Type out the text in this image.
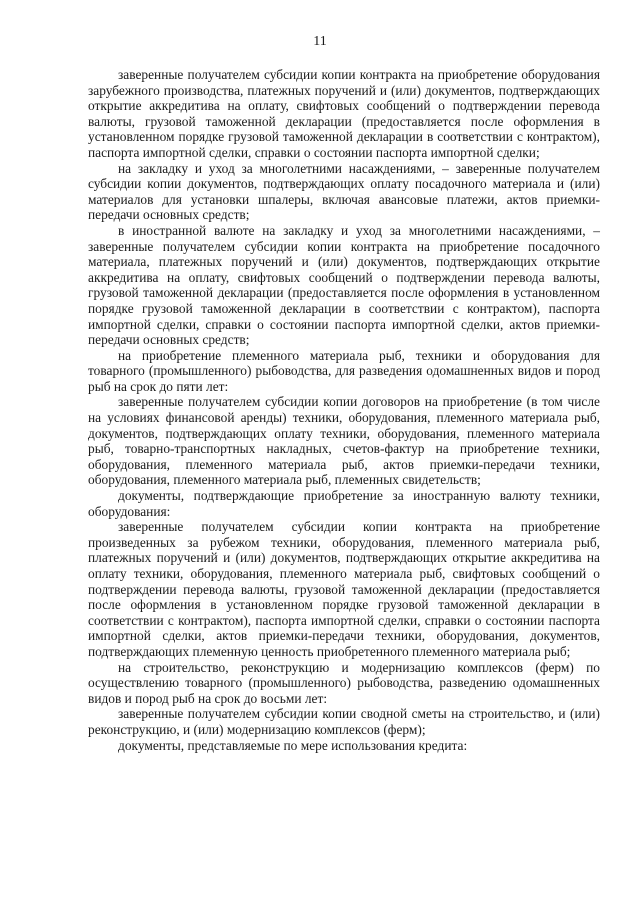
11

заверенные получателем субсидии копии контракта на приобретение оборудования зарубежного производства, платежных поручений и (или) документов, подтверждающих открытие аккредитива на оплату, свифтовых сообщений о подтверждении перевода валюты, грузовой таможенной декларации (предоставляется после оформления в установленном порядке грузовой таможенной декларации в соответствии с контрактом), паспорта импортной сделки, справки о состоянии паспорта импортной сделки;

на закладку и уход за многолетними насаждениями, – заверенные получателем субсидии копии документов, подтверждающих оплату посадочного материала и (или) материалов для установки шпалеры, включая авансовые платежи, актов приемки-передачи основных средств;

в иностранной валюте на закладку и уход за многолетними насаждениями, – заверенные получателем субсидии копии контракта на приобретение посадочного материала, платежных поручений и (или) документов, подтверждающих открытие аккредитива на оплату, свифтовых сообщений о подтверждении перевода валюты, грузовой таможенной декларации (предоставляется после оформления в установленном порядке грузовой таможенной декларации в соответствии с контрактом), паспорта импортной сделки, справки о состоянии паспорта импортной сделки, актов приемки-передачи основных средств;

на приобретение племенного материала рыб, техники и оборудования для товарного (промышленного) рыбоводства, для разведения одомашненных видов и пород рыб на срок до пяти лет:

заверенные получателем субсидии копии договоров на приобретение (в том числе на условиях финансовой аренды) техники, оборудования, племенного материала рыб, документов, подтверждающих оплату техники, оборудования, племенного материала рыб, товарно-транспортных накладных, счетов-фактур на приобретение техники, оборудования, племенного материала рыб, актов приемки-передачи техники, оборудования, племенного материала рыб, племенных свидетельств;

документы, подтверждающие приобретение за иностранную валюту техники, оборудования:

заверенные получателем субсидии копии контракта на приобретение произведенных за рубежом техники, оборудования, племенного материала рыб, платежных поручений и (или) документов, подтверждающих открытие аккредитива на оплату техники, оборудования, племенного материала рыб, свифтовых сообщений о подтверждении перевода валюты, грузовой таможенной декларации (предоставляется после оформления в установленном порядке грузовой таможенной декларации в соответствии с контрактом), паспорта импортной сделки, справки о состоянии паспорта импортной сделки, актов приемки-передачи техники, оборудования, документов, подтверждающих племенную ценность приобретенного племенного материала рыб;

на строительство, реконструкцию и модернизацию комплексов (ферм) по осуществлению товарного (промышленного) рыбоводства, разведению одомашненных видов и пород рыб на срок до восьми лет:

заверенные получателем субсидии копии сводной сметы на строительство, и (или) реконструкцию, и (или) модернизацию комплексов (ферм);

документы, представляемые по мере использования кредита:
